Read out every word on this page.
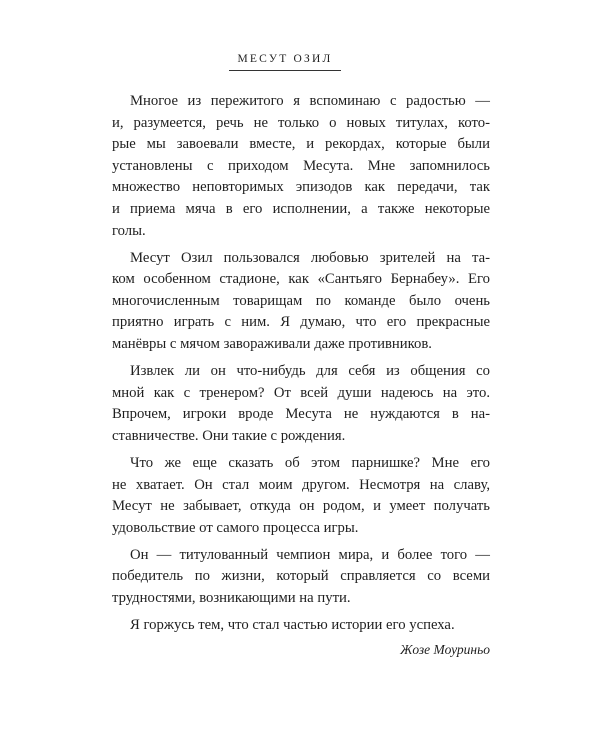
МЕСУТ ОЗИЛ
Многое из пережитого я вспоминаю с радостью —
и, разумеется, речь не только о новых титулах, кото-
рые мы завоевали вместе, и рекордах, которые были
установлены с приходом Месута. Мне запомнилось
множество неповторимых эпизодов как передачи, так
и приема мяча в его исполнении, а также некоторые
голы.
Месут Озил пользовался любовью зрителей на та-
ком особенном стадионе, как «Сантьяго Бернабеу». Его
многочисленным товарищам по команде было очень
приятно играть с ним. Я думаю, что его прекрасные
манёвры с мячом завораживали даже противников.
Извлек ли он что-нибудь для себя из общения со
мной как с тренером? От всей души надеюсь на это.
Впрочем, игроки вроде Месута не нуждаются в на-
ставничестве. Они такие с рождения.
Что же еще сказать об этом парнишке? Мне его
не хватает. Он стал моим другом. Несмотря на славу,
Месут не забывает, откуда он родом, и умеет получать
удовольствие от самого процесса игры.
Он — титулованный чемпион мира, и более того —
победитель по жизни, который справляется со всеми
трудностями, возникающими на пути.
Я горжусь тем, что стал частью истории его успеха.
Жозе Моуриньо
